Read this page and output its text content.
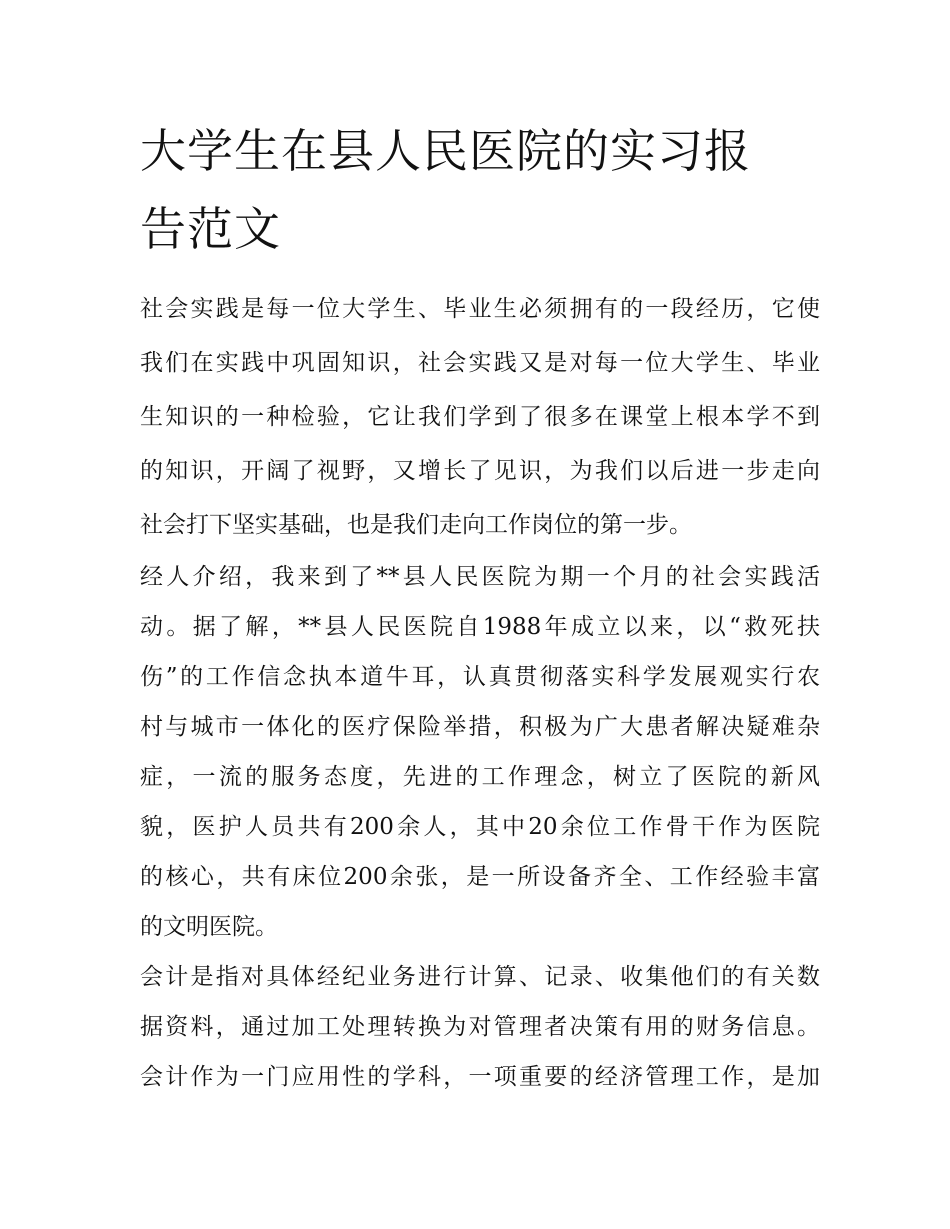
大学生在县人民医院的实习报
告范文
社会实践是每一位大学生、毕业生必须拥有的一段经历，它使
我们在实践中巩固知识，社会实践又是对每一位大学生、毕业
生知识的一种检验，它让我们学到了很多在课堂上根本学不到
的知识，开阔了视野，又增长了见识，为我们以后进一步走向
社会打下坚实基础，也是我们走向工作岗位的第一步。
经人介绍，我来到了**县人民医院为期一个月的社会实践活
动。据了解，**县人民医院自1988年成立以来，以“救死扶
伤”的工作信念执本道牛耳，认真贯彻落实科学发展观实行农
村与城市一体化的医疗保险举措，积极为广大患者解决疑难杂
症，一流的服务态度，先进的工作理念，树立了医院的新风
貌，医护人员共有200余人，其中20余位工作骨干作为医院
的核心，共有床位200余张，是一所设备齐全、工作经验丰富
的文明医院。
会计是指对具体经纪业务进行计算、记录、收集他们的有关数
据资料，通过加工处理转换为对管理者决策有用的财务信息。
会计作为一门应用性的学科，一项重要的经济管理工作，是加
